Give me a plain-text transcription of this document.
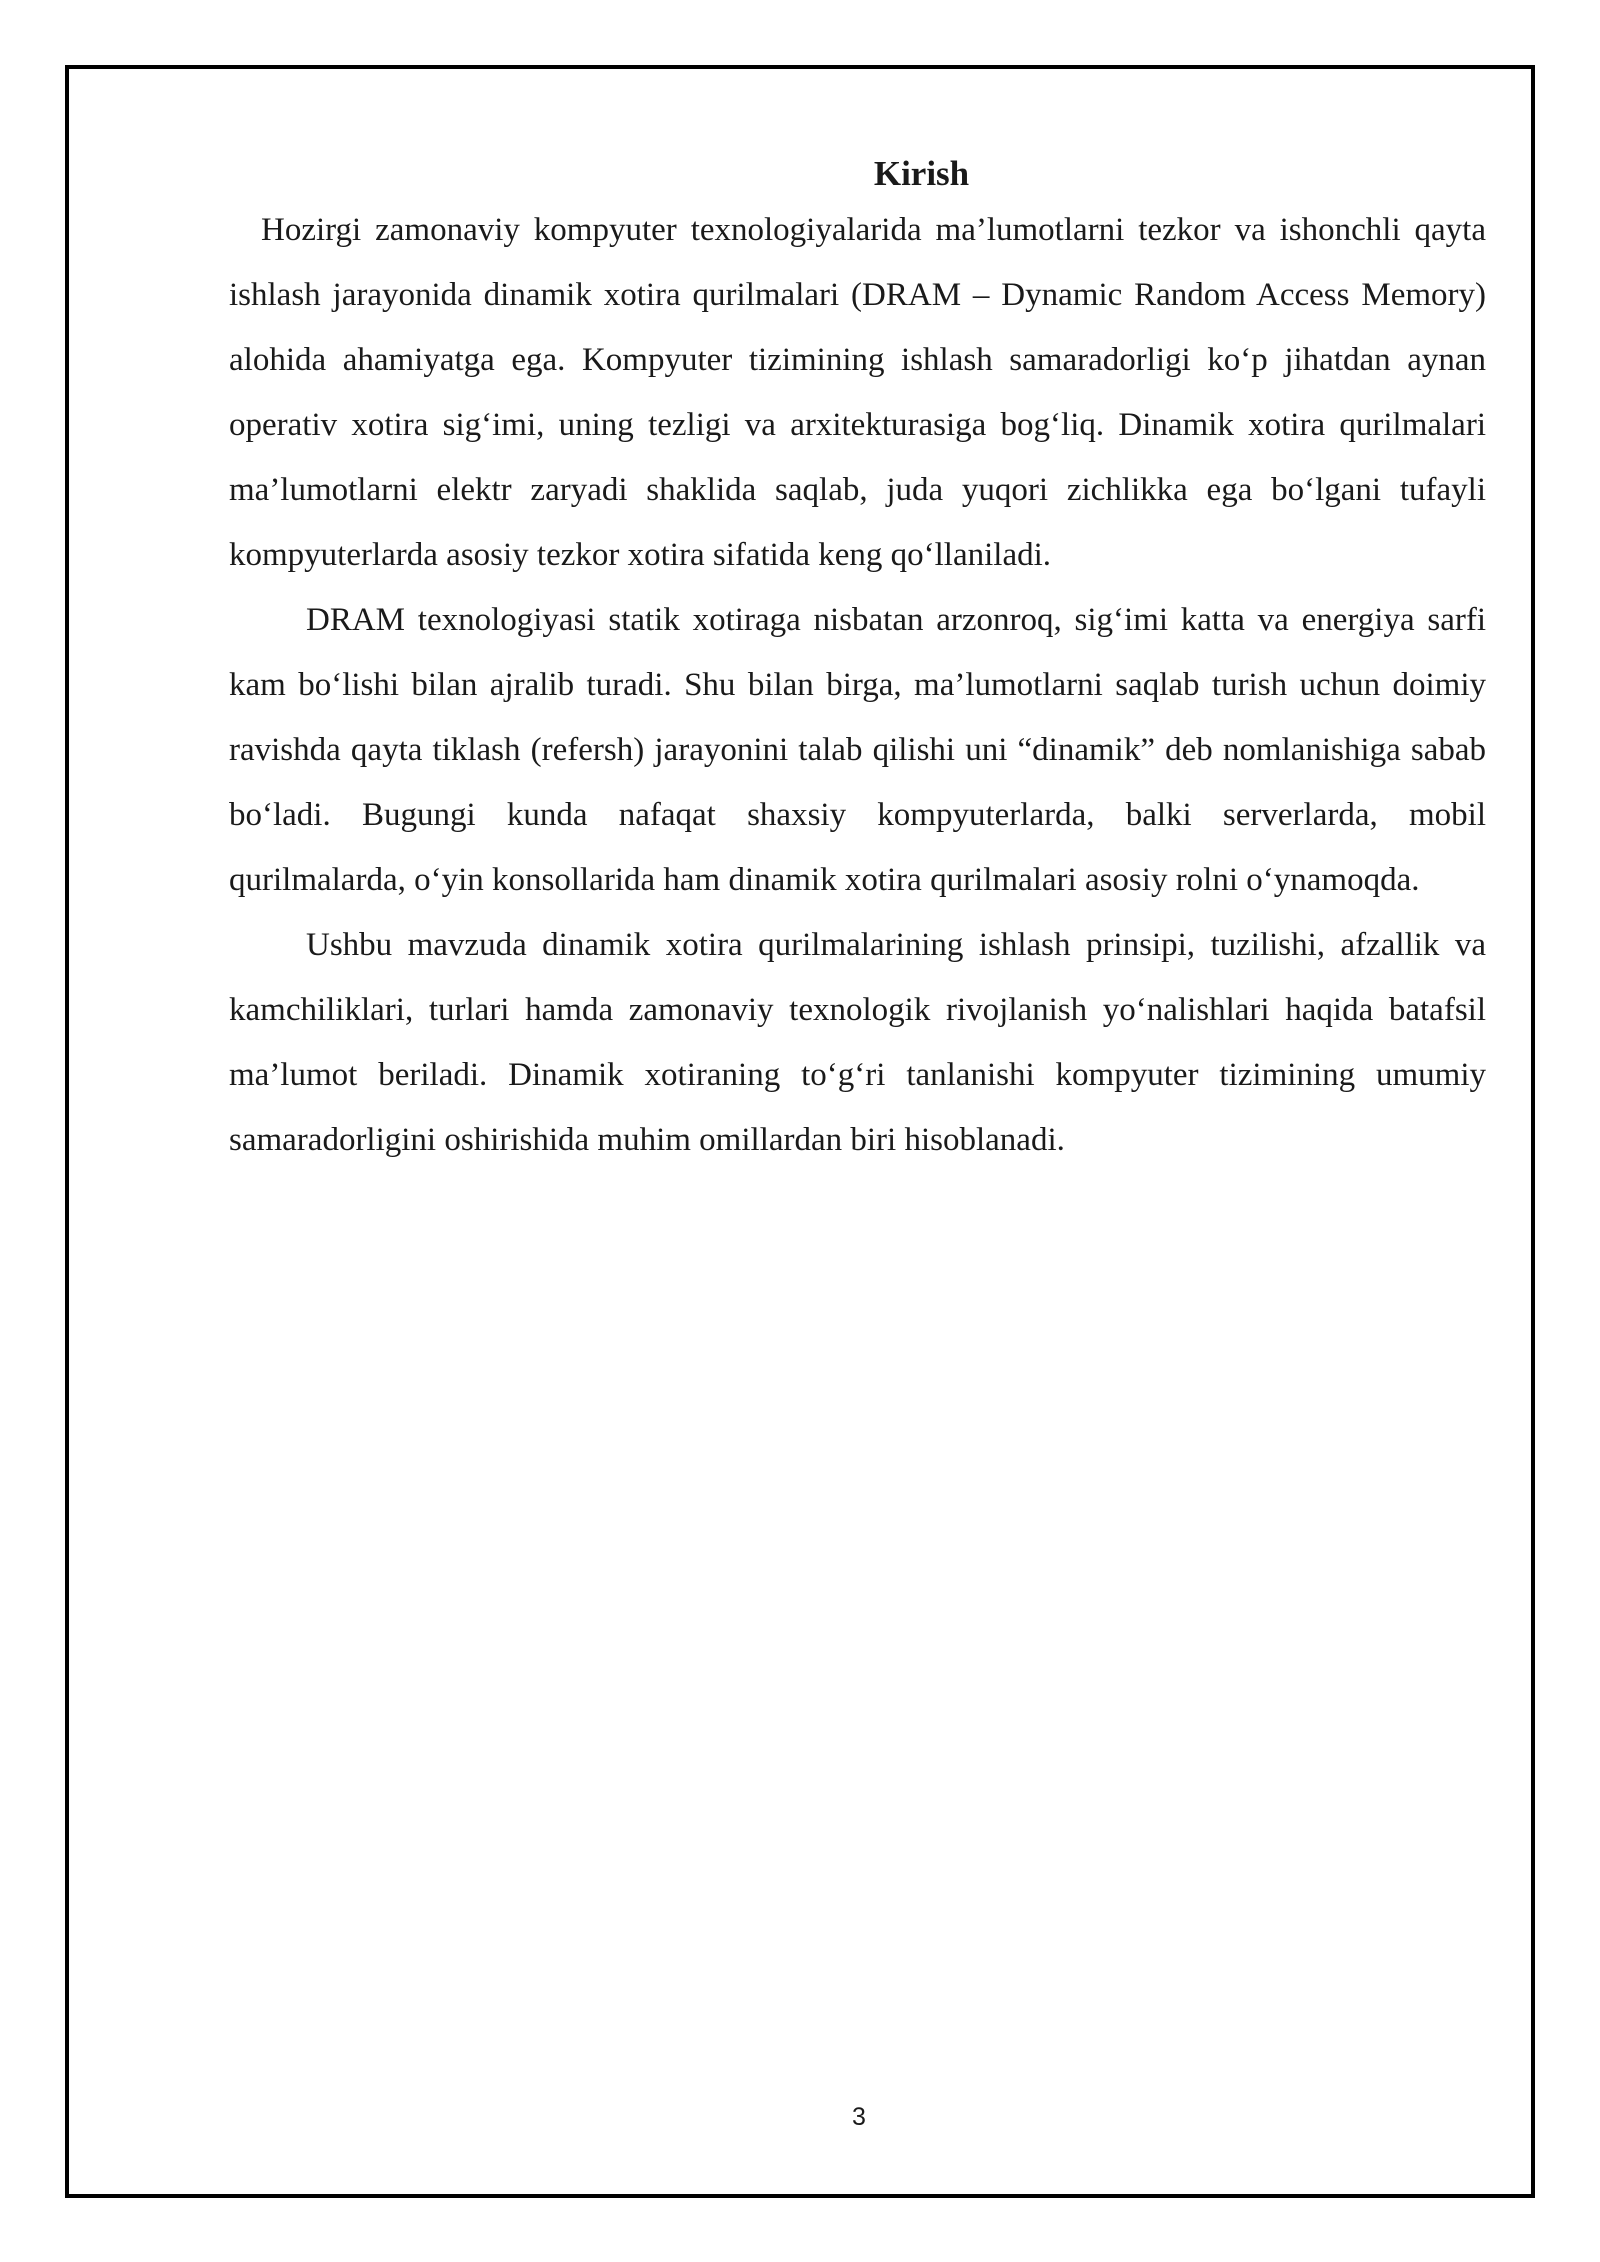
Kirish

Hozirgi zamonaviy kompyuter texnologiyalarida ma’lumotlarni tezkor va ishonchli qayta ishlash jarayonida dinamik xotira qurilmalari (DRAM – Dynamic Random Access Memory) alohida ahamiyatga ega. Kompyuter tizimining ishlash samaradorligi ko‘p jihatdan aynan operativ xotira sig‘imi, uning tezligi va arxitekturasiga bog‘liq. Dinamik xotira qurilmalari ma’lumotlarni elektr zaryadi shaklida saqlab, juda yuqori zichlikka ega bo‘lgani tufayli kompyuterlarda asosiy tezkor xotira sifatida keng qo‘llaniladi.

DRAM texnologiyasi statik xotiraga nisbatan arzonroq, sig‘imi katta va energiya sarfi kam bo‘lishi bilan ajralib turadi. Shu bilan birga, ma’lumotlarni saqlab turish uchun doimiy ravishda qayta tiklash (refersh) jarayonini talab qilishi uni “dinamik” deb nomlanishiga sabab bo‘ladi. Bugungi kunda nafaqat shaxsiy kompyuterlarda, balki serverlarda, mobil qurilmalarda, o‘yin konsollarida ham dinamik xotira qurilmalari asosiy rolni o‘ynamoqda.

Ushbu mavzuda dinamik xotira qurilmalarining ishlash prinsipi, tuzilishi, afzallik va kamchiliklari, turlari hamda zamonaviy texnologik rivojlanish yo‘nalishlari haqida batafsil ma’lumot beriladi. Dinamik xotiraning to‘g‘ri tanlanishi kompyuter tizimining umumiy samaradorligini oshirishida muhim omillardan biri hisoblanadi.

3
